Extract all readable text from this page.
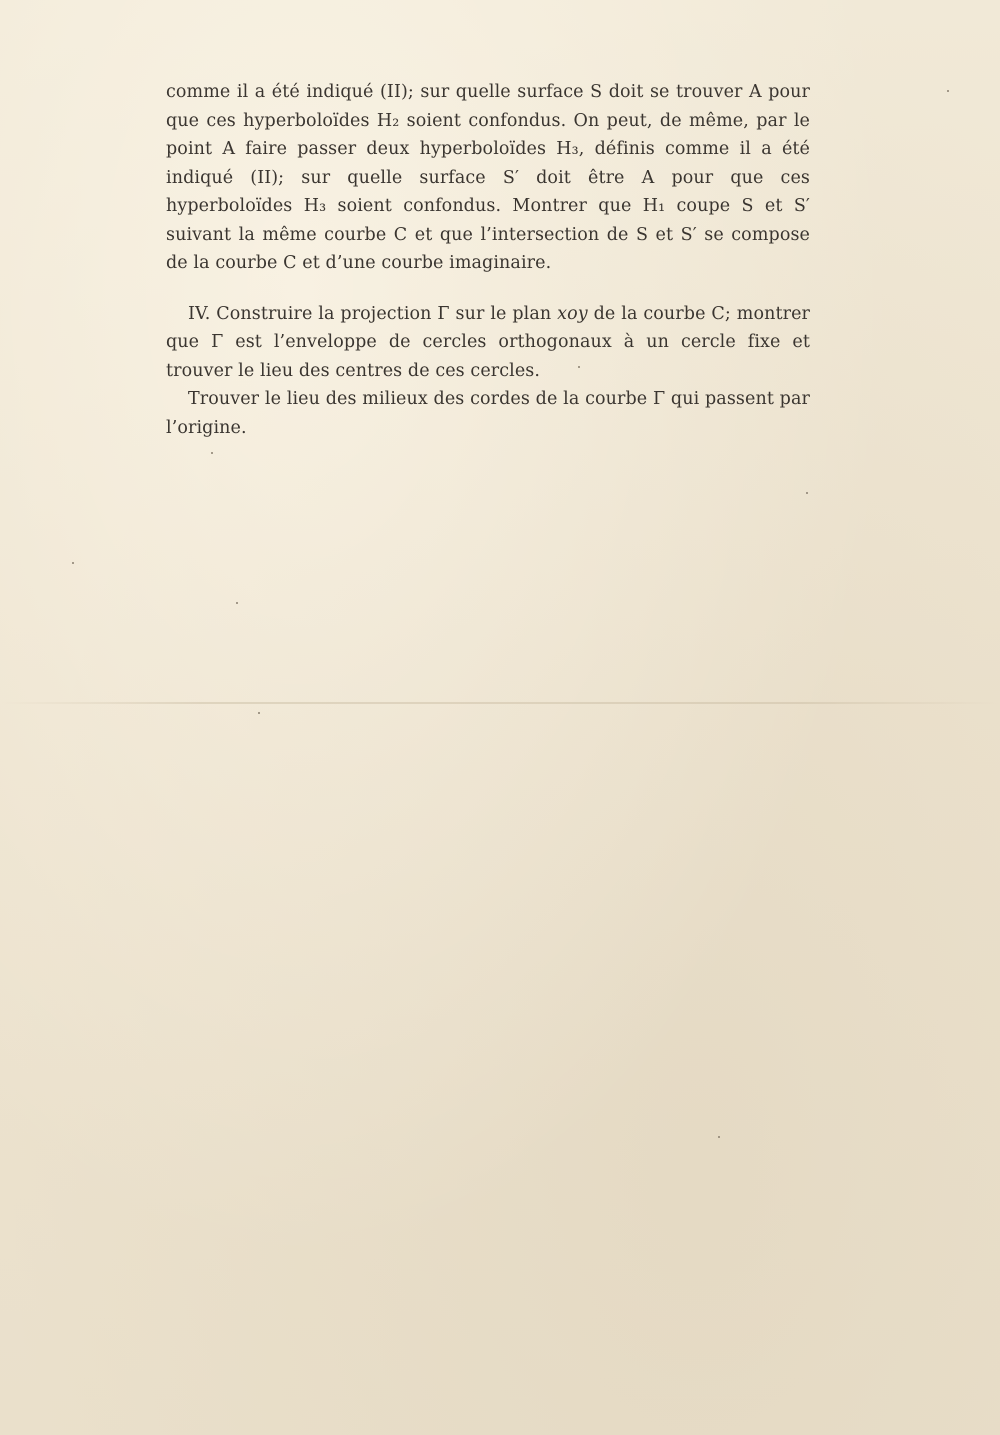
comme il a été indiqué (II); sur quelle surface S doit se trouver A pour que ces hyperboloïdes H₂ soient confondus. On peut, de même, par le point A faire passer deux hyperboloïdes H₃, définis comme il a été indiqué (II); sur quelle surface S′ doit être A pour que ces hyperboloïdes H₃ soient confondus. Montrer que H₁ coupe S et S′ suivant la même courbe C et que l’intersection de S et S′ se compose de la courbe C et d’une courbe imaginaire.

IV. Construire la projection Γ sur le plan xoy de la courbe C; montrer que Γ est l’enveloppe de cercles orthogonaux à un cercle fixe et trouver le lieu des centres de ces cercles.

Trouver le lieu des milieux des cordes de la courbe Γ qui passent par l’origine.
